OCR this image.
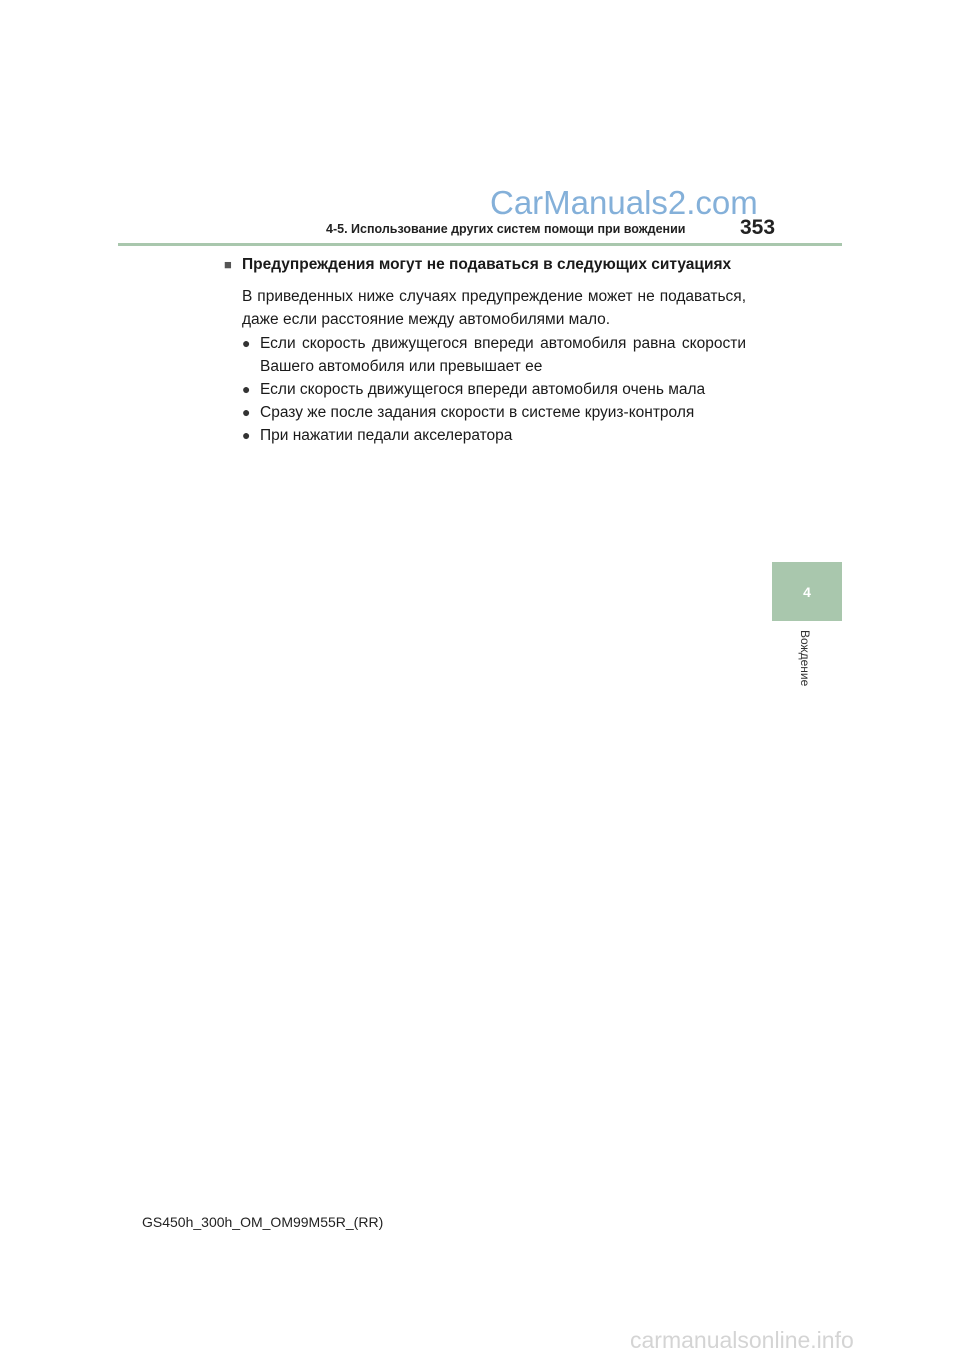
CarManuals2.com
4-5. Использование других систем помощи при вождении	353
4
Вождение
■ Предупреждения могут не подаваться в следующих ситуациях
В приведенных ниже случаях предупреждение может не подаваться, даже если расстояние между автомобилями мало.
● Если скорость движущегося впереди автомобиля равна скорости Вашего автомобиля или превышает ее
● Если скорость движущегося впереди автомобиля очень мала
● Сразу же после задания скорости в системе круиз-контроля
● При нажатии педали акселератора
GS450h_300h_OM_OM99M55R_(RR)
carmanualsonline.info
